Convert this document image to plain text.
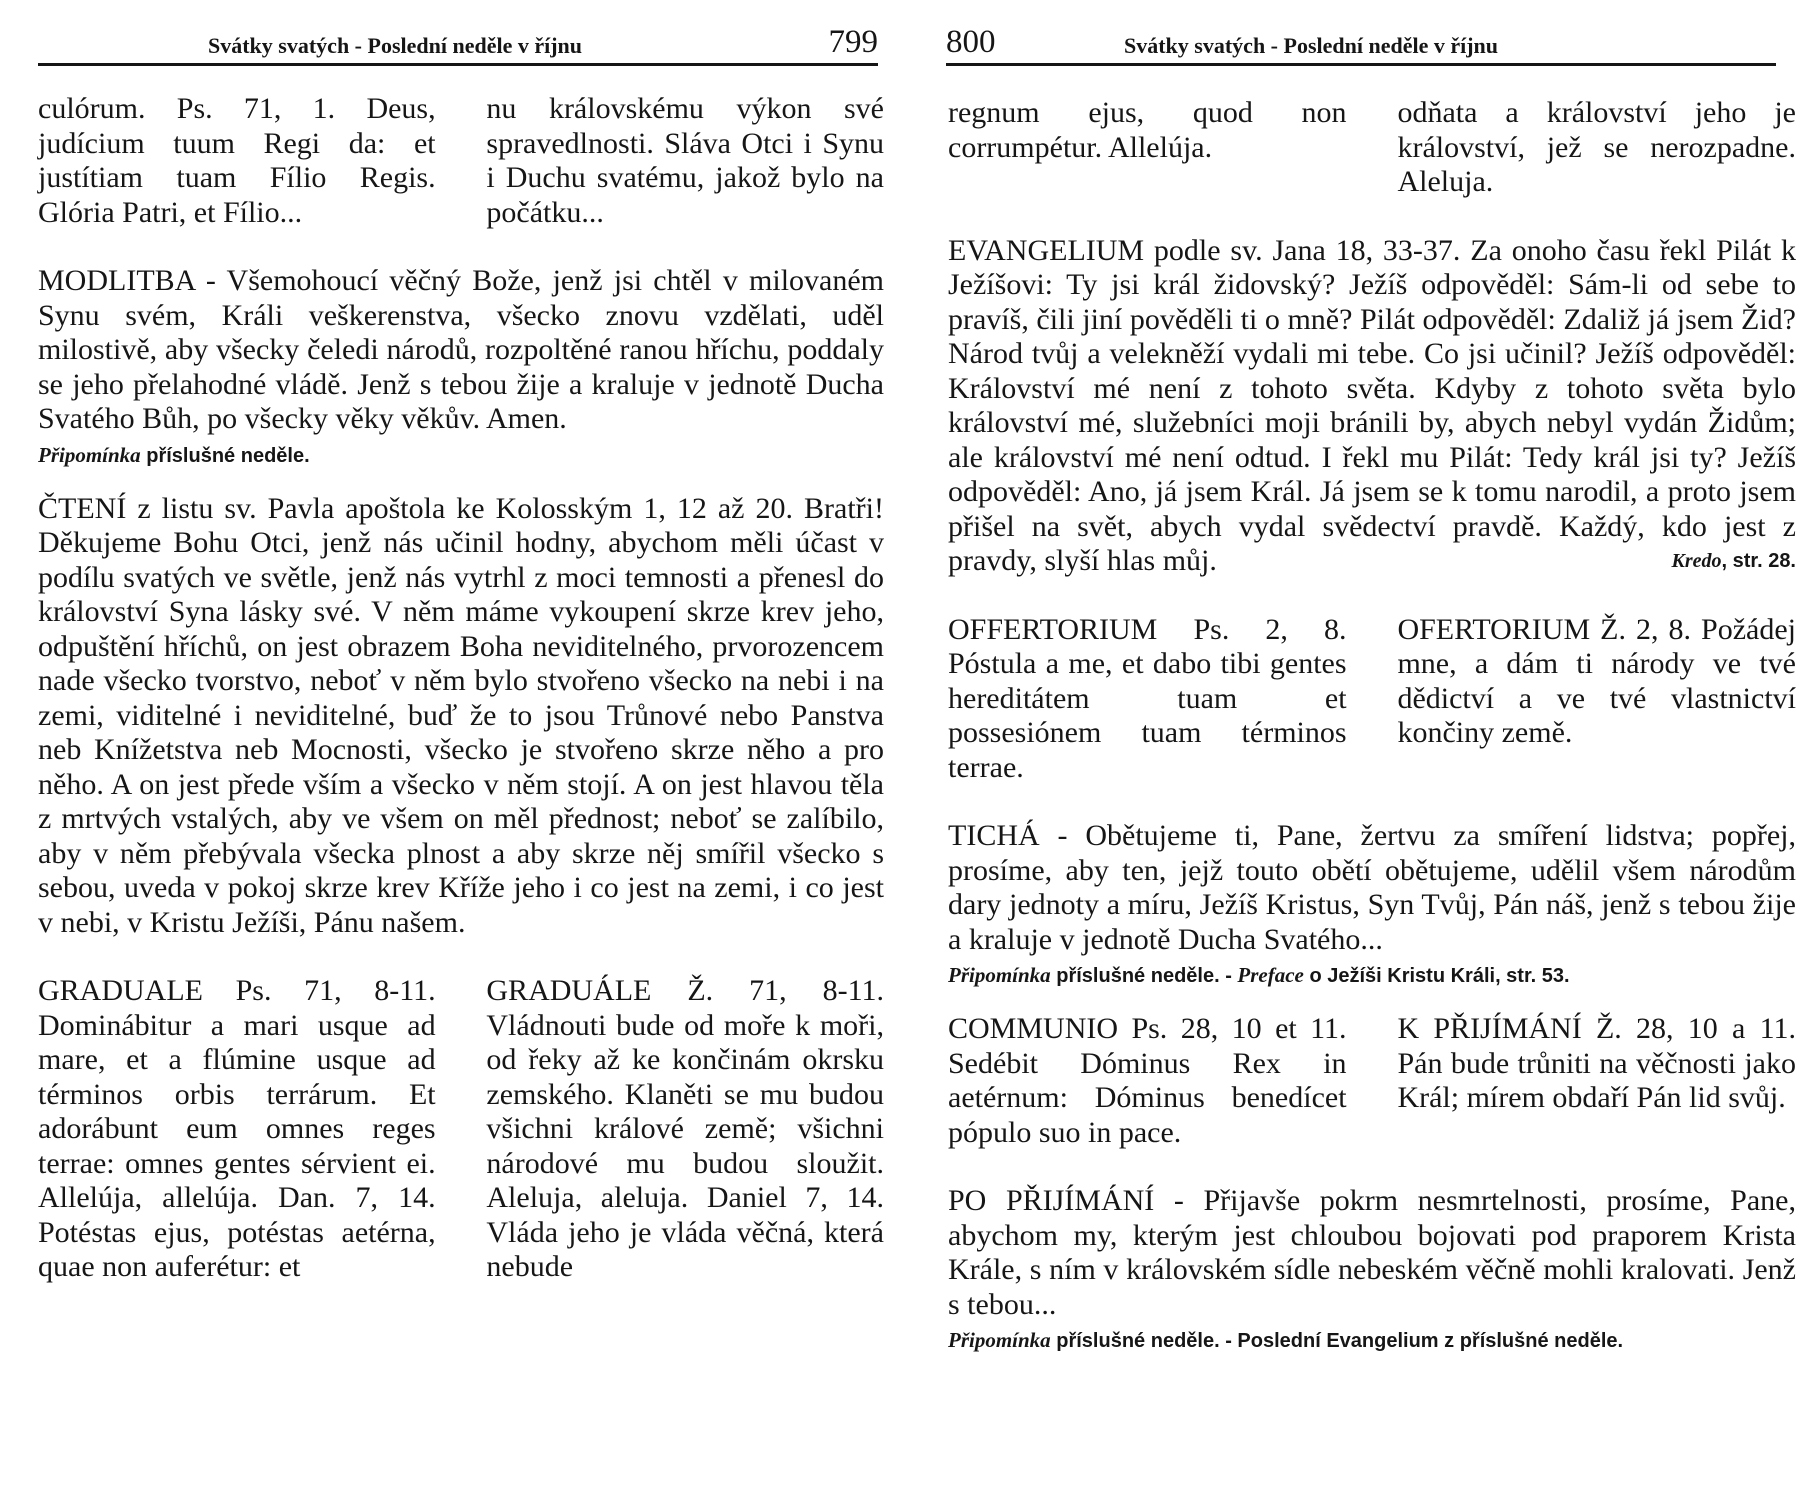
Svátky svatých - Poslední neděle v říjnu	799

culórum. Ps. 71, 1. Deus, judícium tuum Regi da: et justítiam tuam Fílio Regis. Glória Patri, et Fílio...

nu královskému výkon své spravedlnosti. Sláva Otci i Synu i Duchu svatému, jakož bylo na počátku...

MODLITBA - Všemohoucí věčný Bože, jenž jsi chtěl v milovaném Synu svém, Králi veškerenstva, všecko znovu vzdělati, uděl milostivě, aby všecky čeledi národů, rozpoltěné ranou hříchu, poddaly se jeho přelahodné vládě. Jenž s tebou žije a kraluje v jednotě Ducha Svatého Bůh, po všecky věky věkův. Amen.

Připomínka příslušné neděle.

ČTENÍ z listu sv. Pavla apoštola ke Kolosským 1, 12 až 20. Bratři! Děkujeme Bohu Otci, jenž nás učinil hodny, abychom měli účast v podílu svatých ve světle, jenž nás vytrhl z moci temnosti a přenesl do království Syna lásky své. V něm máme vykoupení skrze krev jeho, odpuštění hříchů, on jest obrazem Boha neviditelného, prvorozencem nade všecko tvorstvo, neboť v něm bylo stvořeno všecko na nebi i na zemi, viditelné i neviditelné, buď že to jsou Trůnové nebo Panstva neb Knížetstva neb Mocnosti, všecko je stvořeno skrze něho a pro něho. A on jest přede vším a všecko v něm stojí. A on jest hlavou těla z mrtvých vstalých, aby ve všem on měl přednost; neboť se zalíbilo, aby v něm přebývala všecka plnost a aby skrze něj smířil všecko s sebou, uveda v pokoj skrze krev Kříže jeho i co jest na zemi, i co jest v nebi, v Kristu Ježíši, Pánu našem.

GRADUALE Ps. 71, 8-11. Dominábitur a mari usque ad mare, et a flúmine usque ad términos orbis terrárum. Et adorábunt eum omnes reges terrae: omnes gentes sérvient ei. Allelúja, allelúja. Dan. 7, 14. Potéstas ejus, potéstas aetérna, quae non auferétur: et

GRADUÁLE Ž. 71, 8-11. Vládnouti bude od moře k moři, od řeky až ke končinám okrsku zemského. Klaněti se mu budou všichni králové země; všichni národové mu budou sloužit. Aleluja, aleluja. Daniel 7, 14. Vláda jeho je vláda věčná, která nebude

800	Svátky svatých - Poslední neděle v říjnu

regnum ejus, quod non corrumpétur. Allelúja.

odňata a království jeho je království, jež se nerozpadne. Aleluja.

EVANGELIUM podle sv. Jana 18, 33-37. Za onoho času řekl Pilát k Ježíšovi: Ty jsi král židovský? Ježíš odpověděl: Sám-li od sebe to pravíš, čili jiní pověděli ti o mně? Pilát odpověděl: Zdaliž já jsem Žid? Národ tvůj a velekněží vydali mi tebe. Co jsi učinil? Ježíš odpověděl: Království mé není z tohoto světa. Kdyby z tohoto světa bylo království mé, služebníci moji bránili by, abych nebyl vydán Židům; ale království mé není odtud. I řekl mu Pilát: Tedy král jsi ty? Ježíš odpověděl: Ano, já jsem Král. Já jsem se k tomu narodil, a proto jsem přišel na svět, abych vydal svědectví pravdě. Každý, kdo jest z pravdy, slyší hlas můj.	Kredo, str. 28.

OFFERTORIUM Ps. 2, 8. Póstula a me, et dabo tibi gentes hereditátem tuam et possesiónem tuam términos terrae.

OFERTORIUM Ž. 2, 8. Požádej mne, a dám ti národy ve tvé dědictví a ve tvé vlastnictví končiny země.

TICHÁ - Obětujeme ti, Pane, žertvu za smíření lidstva; popřej, prosíme, aby ten, jejž touto obětí obětujeme, udělil všem národům dary jednoty a míru, Ježíš Kristus, Syn Tvůj, Pán náš, jenž s tebou žije a kraluje v jednotě Ducha Svatého...

Připomínka příslušné neděle. - Preface o Ježíši Kristu Králi, str. 53.

COMMUNIO Ps. 28, 10 et 11. Sedébit Dóminus Rex in aetérnum: Dóminus benedícet pópulo suo in pace.

K PŘIJÍMÁNÍ Ž. 28, 10 a 11. Pán bude trůniti na věčnosti jako Král; mírem obdaří Pán lid svůj.

PO PŘIJÍMÁNÍ - Přijavše pokrm nesmrtelnosti, prosíme, Pane, abychom my, kterým jest chloubou bojovati pod praporem Krista Krále, s ním v královském sídle nebeském věčně mohli kralovati. Jenž s tebou...

Připomínka příslušné neděle. - Poslední Evangelium z příslušné neděle.
